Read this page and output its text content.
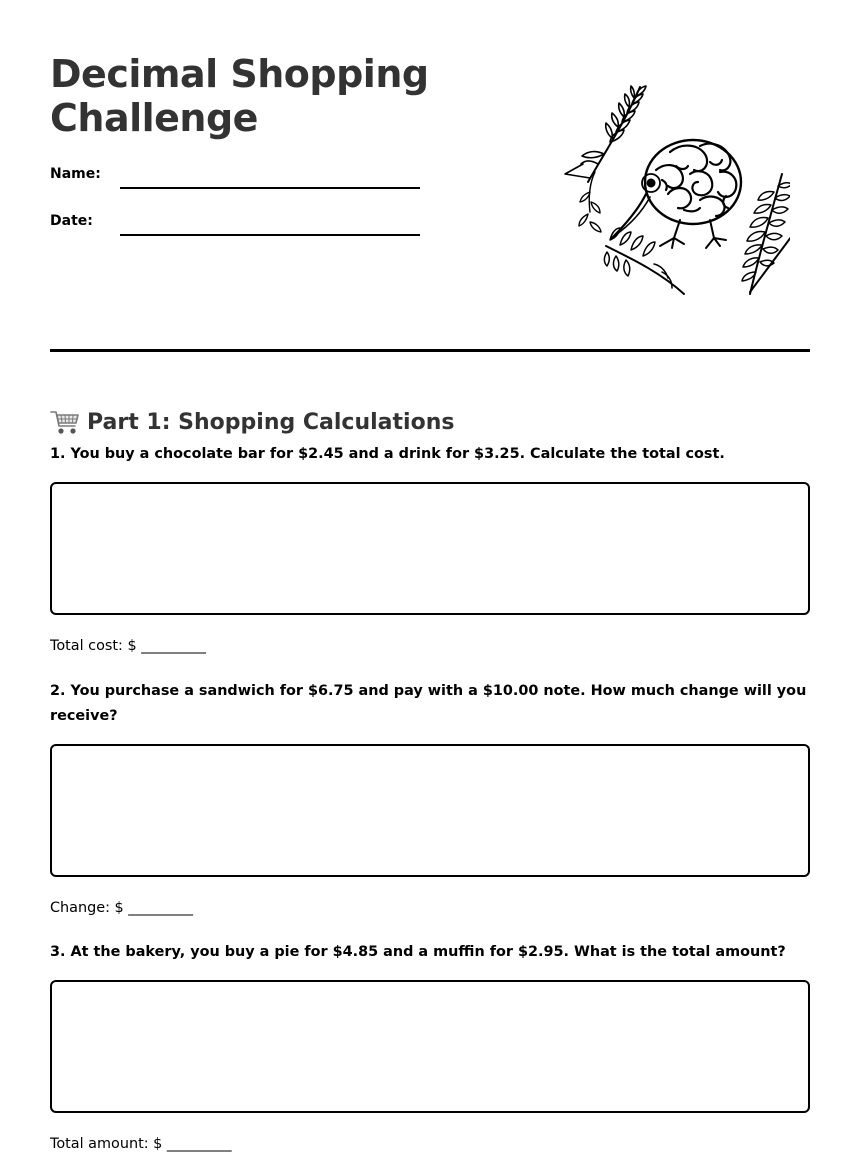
Decimal Shopping Challenge
Name:
Date:
Part 1: Shopping Calculations

1. You buy a chocolate bar for $2.45 and a drink for $3.25. Calculate the total cost.

Total cost: $ _________

2. You purchase a sandwich for $6.75 and pay with a $10.00 note. How much change will you receive?

Change: $ _________

3. At the bakery, you buy a pie for $4.85 and a muffin for $2.95. What is the total amount?

Total amount: $ _________
